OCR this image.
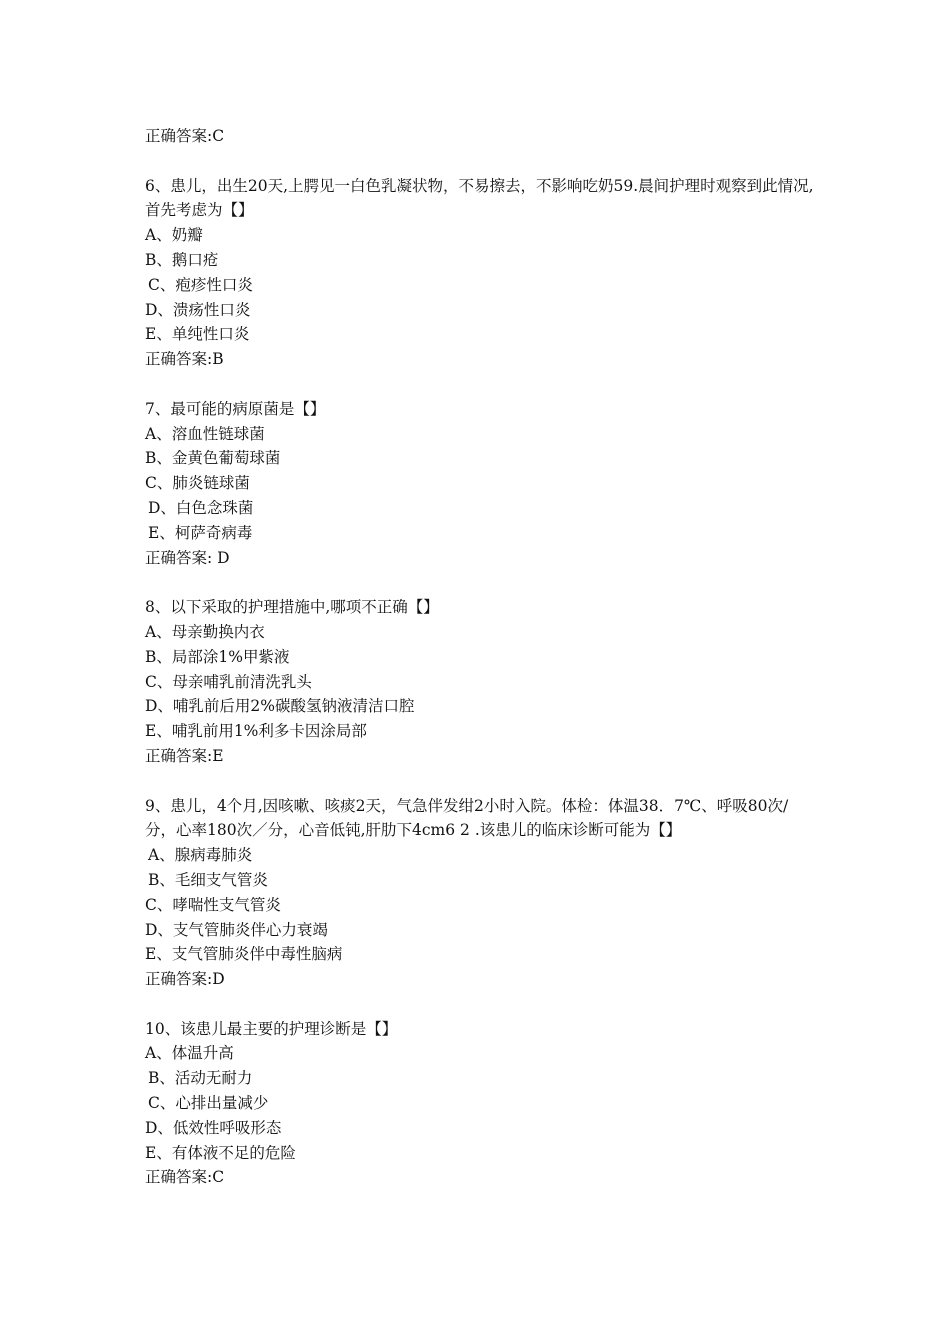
正确答案:C
6、患儿，出生20天,上腭见一白色乳凝状物，不易擦去，不影响吃奶59.晨间护理时观察到此情况,首先考虑为【】
A、奶瓣
B、鹅口疮
C、疱疹性口炎
D、溃疡性口炎
E、单纯性口炎
正确答案:B
7、最可能的病原菌是【】
A、溶血性链球菌
B、金黄色葡萄球菌
C、肺炎链球菌
D、白色念珠菌
E、柯萨奇病毒
正确答案: D
8、以下采取的护理措施中,哪项不正确【】
A、母亲勤换内衣
B、局部涂1%甲紫液
C、母亲哺乳前清洗乳头
D、哺乳前后用2%碳酸氢钠液清洁口腔
E、哺乳前用1%利多卡因涂局部
正确答案:E
9、患儿，4个月,因咳嗽、咳痰2天，气急伴发绀2小时入院。体检：体温38．7℃、呼吸80次/分，心率180次／分，心音低钝,肝肋下4cm6 2 .该患儿的临床诊断可能为【】
A、腺病毒肺炎
B、毛细支气管炎
C、哮喘性支气管炎
D、支气管肺炎伴心力衰竭
E、支气管肺炎伴中毒性脑病
正确答案:D
10、该患儿最主要的护理诊断是【】
A、体温升高
B、活动无耐力
C、心排出量减少
D、低效性呼吸形态
E、有体液不足的危险
正确答案:C
